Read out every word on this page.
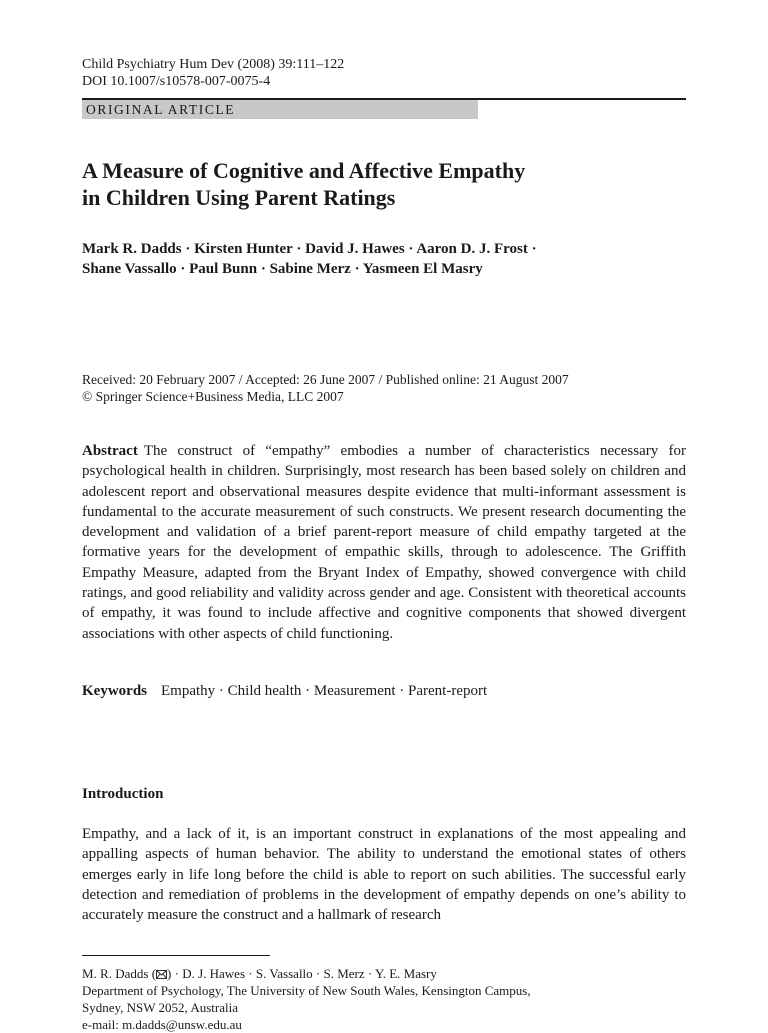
Child Psychiatry Hum Dev (2008) 39:111–122
DOI 10.1007/s10578-007-0075-4
ORIGINAL ARTICLE
A Measure of Cognitive and Affective Empathy
in Children Using Parent Ratings
Mark R. Dadds · Kirsten Hunter · David J. Hawes · Aaron D. J. Frost ·
Shane Vassallo · Paul Bunn · Sabine Merz · Yasmeen El Masry
Received: 20 February 2007 / Accepted: 26 June 2007 / Published online: 21 August 2007
© Springer Science+Business Media, LLC 2007

Abstract The construct of “empathy” embodies a number of characteristics necessary for psychological health in children. Surprisingly, most research has been based solely on children and adolescent report and observational measures despite evidence that multi-informant assessment is fundamental to the accurate measurement of such constructs. We present research documenting the development and validation of a brief parent-report measure of child empathy targeted at the formative years for the development of empathic skills, through to adolescence. The Griffith Empathy Measure, adapted from the Bryant Index of Empathy, showed convergence with child ratings, and good reliability and validity across gender and age. Consistent with theoretical accounts of empathy, it was found to include affective and cognitive components that showed divergent associations with other aspects of child functioning.

Keywords Empathy · Child health · Measurement · Parent-report
Introduction

Empathy, and a lack of it, is an important construct in explanations of the most appealing and appalling aspects of human behavior. The ability to understand the emotional states of others emerges early in life long before the child is able to report on such abilities. The successful early detection and remediation of problems in the development of empathy depends on one’s ability to accurately measure the construct and a hallmark of research

M. R. Dadds ( ) · D. J. Hawes · S. Vassallo · S. Merz · Y. E. Masry
Department of Psychology, The University of New South Wales, Kensington Campus,
Sydney, NSW 2052, Australia
e-mail: m.dadds@unsw.edu.au
